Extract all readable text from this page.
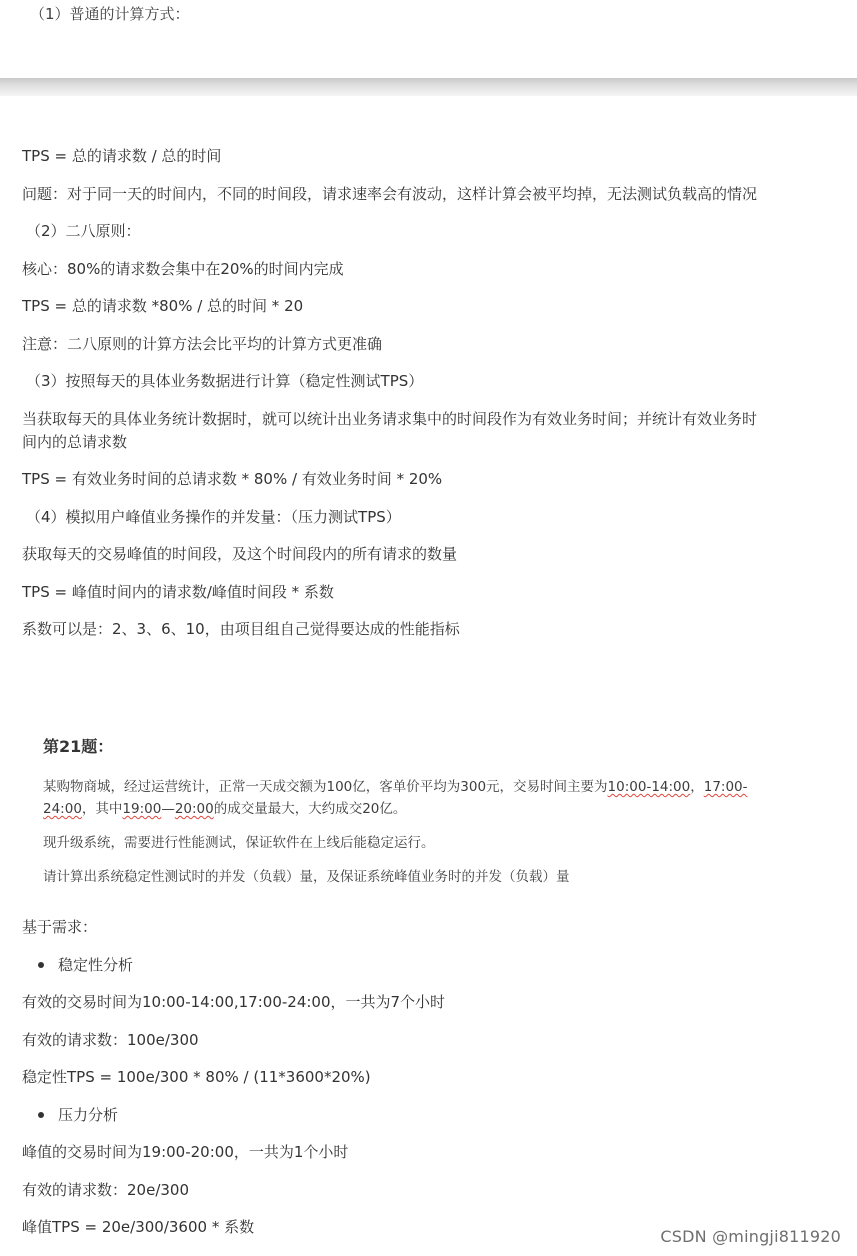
（1）普通的计算方式：

TPS = 总的请求数 / 总的时间

问题：对于同一天的时间内，不同的时间段，请求速率会有波动，这样计算会被平均掉，无法测试负载高的情况

（2）二八原则：

核心：80%的请求数会集中在20%的时间内完成

TPS = 总的请求数 *80% / 总的时间 * 20

注意：二八原则的计算方法会比平均的计算方式更准确

（3）按照每天的具体业务数据进行计算（稳定性测试TPS）

当获取每天的具体业务统计数据时，就可以统计出业务请求集中的时间段作为有效业务时间；并统计有效业务时间内的总请求数

TPS = 有效业务时间的总请求数 * 80% / 有效业务时间 * 20%

（4）模拟用户峰值业务操作的并发量：（压力测试TPS）

获取每天的交易峰值的时间段，及这个时间段内的所有请求的数量

TPS = 峰值时间内的请求数/峰值时间段 * 系数

系数可以是：2、3、6、10，由项目组自己觉得要达成的性能指标

第21题：

某购物商城，经过运营统计，正常一天成交额为100亿，客单价平均为300元，交易时间主要为10:00-14:00，17:00-24:00，其中19:00—20:00的成交量最大，大约成交20亿。

现升级系统，需要进行性能测试，保证软件在上线后能稳定运行。

请计算出系统稳定性测试时的并发（负载）量，及保证系统峰值业务时的并发（负载）量

基于需求：

稳定性分析

有效的交易时间为10:00-14:00,17:00-24:00，一共为7个小时

有效的请求数：100e/300

稳定性TPS = 100e/300 * 80% / (11*3600*20%)

压力分析

峰值的交易时间为19:00-20:00，一共为1个小时

有效的请求数：20e/300

峰值TPS = 20e/300/3600 * 系数	CSDN @mingji811920
